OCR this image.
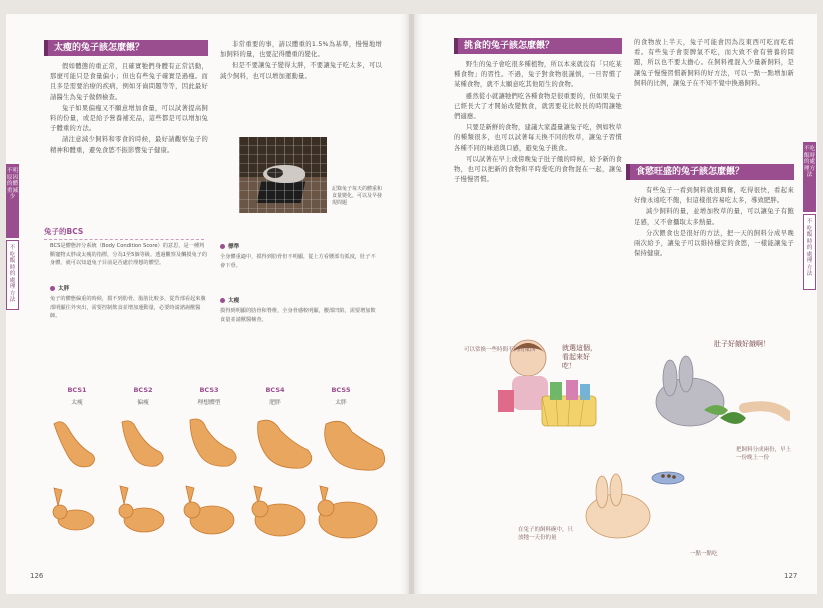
太瘦的兔子該怎麼餵？

假如體態的重正常，且確實牠們身體有正常活動，那麼可能只是食量偏小；但也有些兔子確實是過瘦。而且多是需要治療的疾病，例如牙齒問題等等，因此最好請醫生為兔子做個檢查。

兔子如果偏瘦又不願意增加食量，可以試著提高飼料的份量，或是給予營養補充品，這些都是可以增加兔子體重的方法。

請注意減少飼料和零食的時候，最好請觀察兔子的精神和體重，避免食慾不振影響兔子健康。

非常重要的事，請以體重的1.5%為基準，慢慢地增加飼料的量，也要記得體重的變化。

但是不要讓兔子變得太胖，不要讓兔子吃太多，可以減少飼料，也可以增加運動量。

記錄兔子每天的體重和食量變化，可以及早發現問題
兔子的BCS
BCS是體態評分系統（Body Condition Score）的意思，是一種判斷寵物太胖或太瘦的指標，分為1至5個等級。透過觀察及觸摸兔子的身體，就可以知道兔子目前是否處於理想的體型。
太胖
兔子的體態偏重的時候，摸不到肋骨，脂肪比較多，從背部看起來腹部明顯往外突出，需要控制飲食並增加運動量，必要時請諮詢獸醫師。
標準
全身體重適中，摸得到肋骨但不明顯，從上方看腰部有弧度，肚子不會下垂。
太瘦
摸得到明顯的肋骨和脊椎，全身骨感較明顯，腰部凹陷，需要增加飲食量並請獸醫檢查。
BCS1
太瘦
BCS2
偏瘦
BCS3
理想體型
BCS4
肥胖
BCS5
太胖
不明原因的體重減少
不吃飯時的處理方法
126
挑食的兔子該怎麼餵？

野生的兔子會吃很多種植物，所以本來就沒有「只吃某種食物」的習性。不過，兔子對食物很謹慎，一旦習慣了某種食物，就不太願意吃其他陌生的食物。

雖然從小就讓牠們吃各種食物是很重要的，但如果兔子已經長大了才開始改變飲食，就需要花比較長的時間讓牠們適應。

只要是新鮮的食物，建議大家盡量讓兔子吃，例如牧草的種類很多，也可以試著每天換不同的牧草，讓兔子習慣各種不同的味道與口感，避免兔子挑食。

可以試著在早上或傍晚兔子肚子餓的時候，給予新的食物，也可以把新的食物和平時愛吃的食物混在一起，讓兔子慢慢習慣。

的食物放上半天，兔子可能會因為沒東西可吃而吃看看。有些兔子會耍脾氣不吃，而大致不會有營養的問題，所以也不要太擔心。在飼料裡混入少量新飼料，是讓兔子慢慢習慣新飼料的好方法，可以一點一點增加新飼料的比例，讓兔子在不知不覺中換過飼料。
食慾旺盛的兔子該怎麼餵？

有些兔子一看到飼料就很興奮，吃得很快，看起來好像永遠吃不飽，但這樣很容易吃太多，導致肥胖。

減少飼料的量，並增加牧草的量，可以讓兔子有飽足感，又不會攝取太多熱量。

分次餵食也是很好的方法，把一天的飼料分成早晚兩次給予，讓兔子可以維持穩定的食慾，一樣能讓兔子保持健康。

可以常換一些時間不同的東西	就選這個，看起來好吃！
肚子好餓好餓啊！
把飼料分成兩份，早上一份晚上一份
在兔子的飼料碗中，只放牠一天份的量
一點一點吃
不吃飯時的處理方法
不吃飯時的處理方法
127
